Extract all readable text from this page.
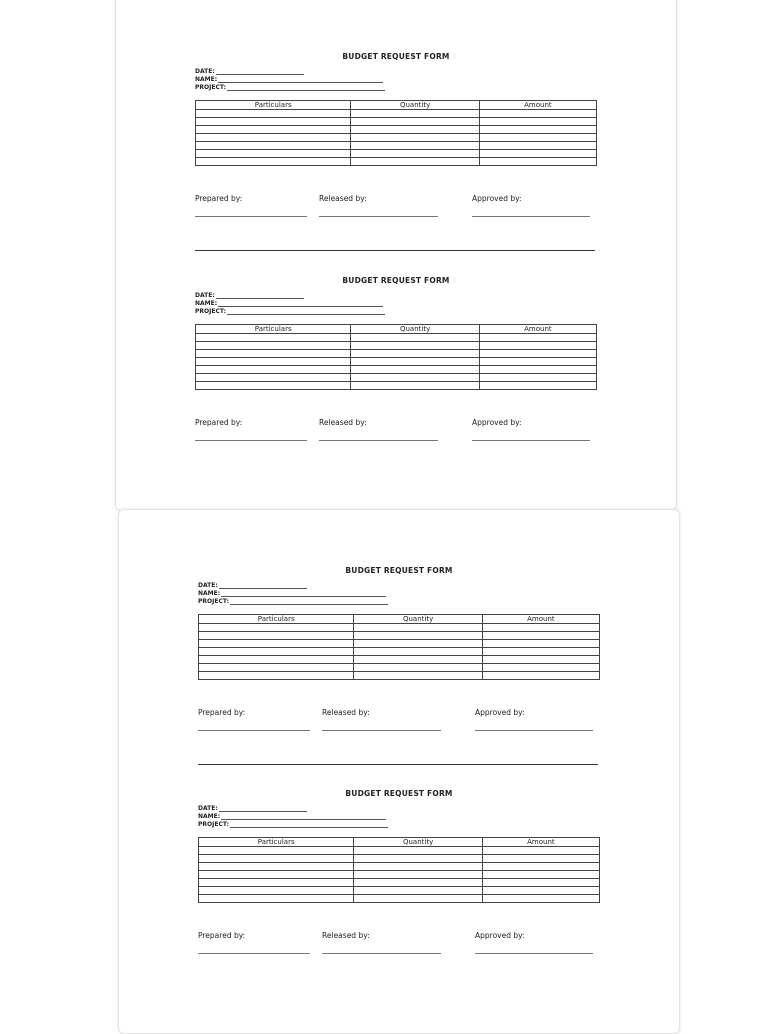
BUDGET REQUEST FORM
DATE:
NAME:
PROJECT:
Particulars	Quantity	Amount

Prepared by:	Released by:	Approved by:
BUDGET REQUEST FORM
DATE:
NAME:
PROJECT:
Particulars	Quantity	Amount

Prepared by:	Released by:	Approved by:
BUDGET REQUEST FORM
DATE:
NAME:
PROJECT:
Particulars	Quantity	Amount

Prepared by:	Released by:	Approved by:
BUDGET REQUEST FORM
DATE:
NAME:
PROJECT:
Particulars	Quantity	Amount

Prepared by:	Released by:	Approved by:
